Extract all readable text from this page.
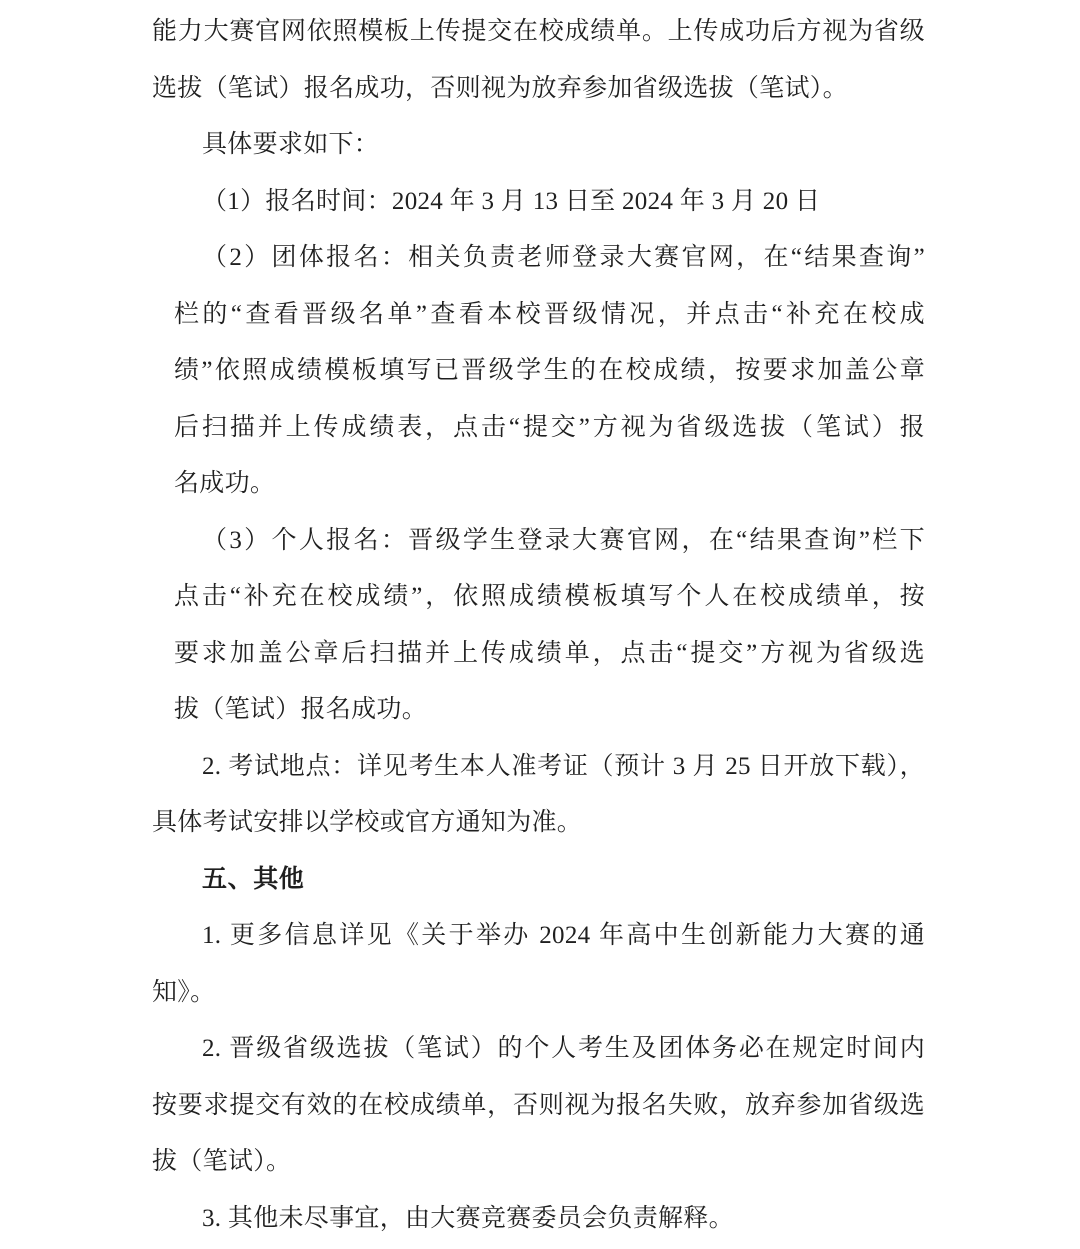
能力大赛官网依照模板上传提交在校成绩单。上传成功后方视为省级
选拔（笔试）报名成功，否则视为放弃参加省级选拔（笔试）。
具体要求如下：
（1）报名时间：2024 年 3 月 13 日至 2024 年 3 月 20 日
（2）团体报名：相关负责老师登录大赛官网，在“结果查询”
栏的“查看晋级名单”查看本校晋级情况，并点击“补充在校成
绩”依照成绩模板填写已晋级学生的在校成绩，按要求加盖公章
后扫描并上传成绩表，点击“提交”方视为省级选拔（笔试）报
名成功。
（3）个人报名：晋级学生登录大赛官网，在“结果查询”栏下
点击“补充在校成绩”，依照成绩模板填写个人在校成绩单，按
要求加盖公章后扫描并上传成绩单，点击“提交”方视为省级选
拔（笔试）报名成功。
2. 考试地点：详见考生本人准考证（预计 3 月 25 日开放下载），
具体考试安排以学校或官方通知为准。
五、其他
1. 更多信息详见《关于举办 2024 年高中生创新能力大赛的通
知》。
2. 晋级省级选拔（笔试）的个人考生及团体务必在规定时间内
按要求提交有效的在校成绩单，否则视为报名失败，放弃参加省级选
拔（笔试）。
3. 其他未尽事宜，由大赛竞赛委员会负责解释。
